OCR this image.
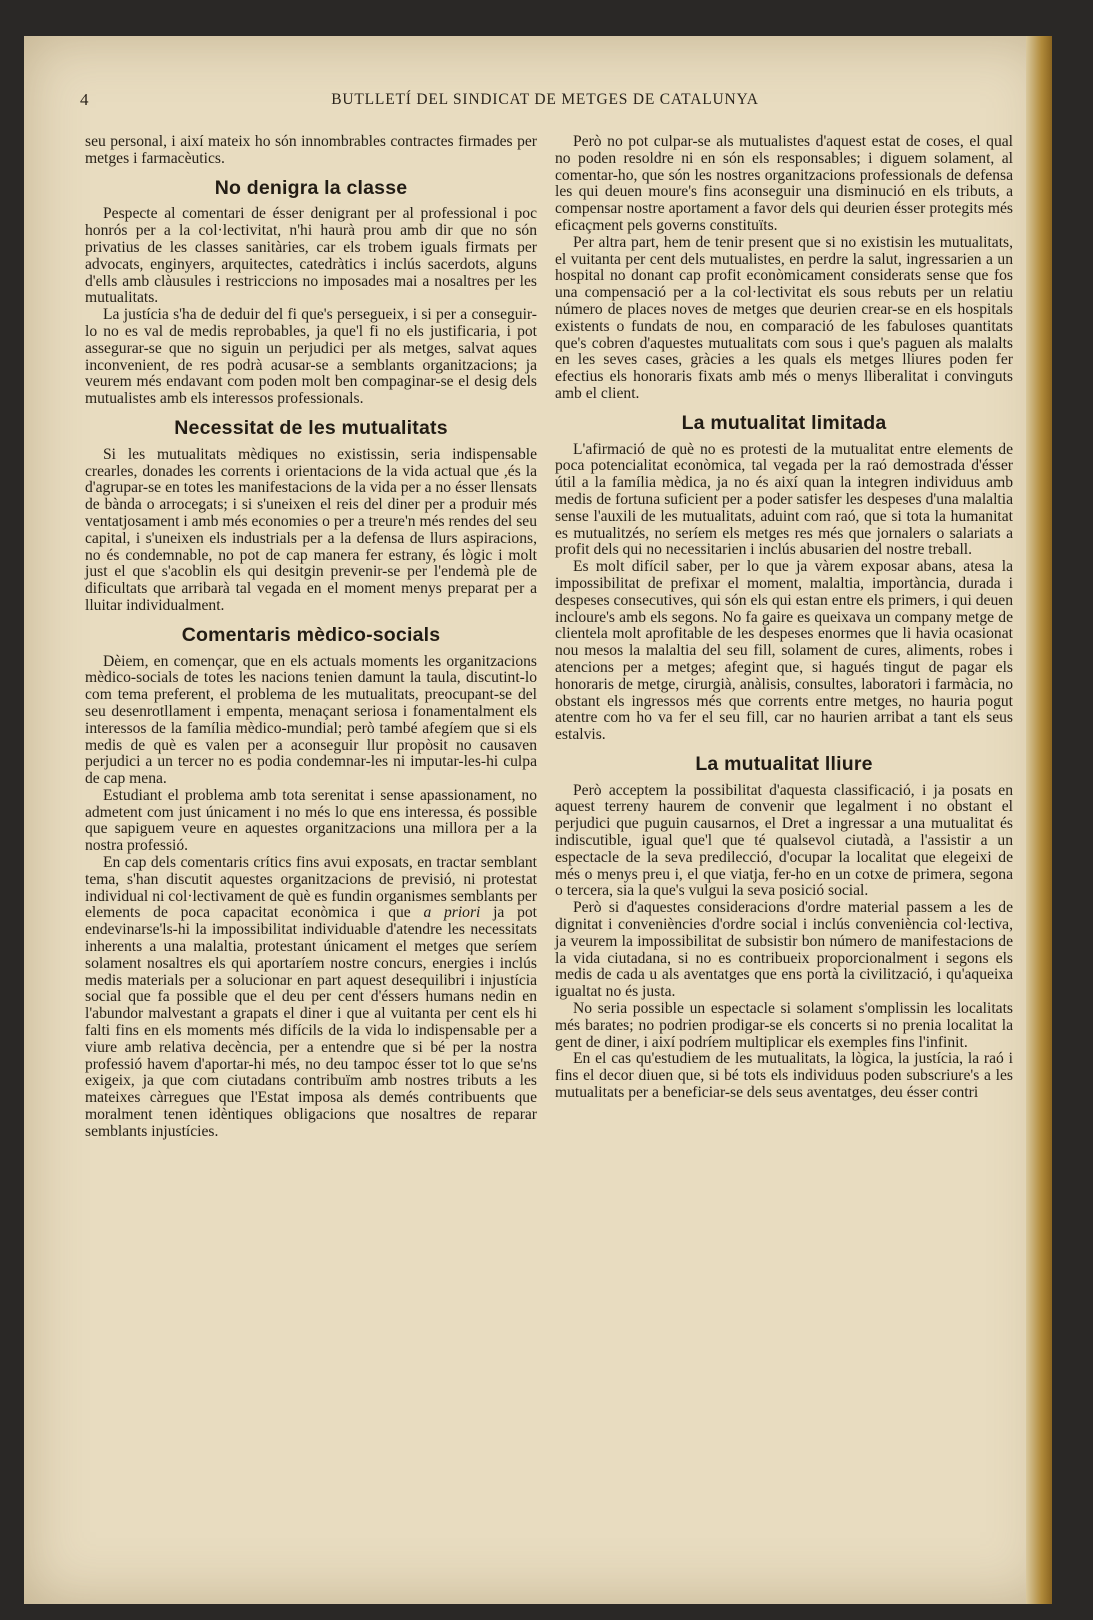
4	BUTLLETÍ DEL SINDICAT DE METGES DE CATALUNYA

seu personal, i així mateix ho són innombrables contractes firmades per metges i farmacèutics.

No denigra la classe

Pespecte al comentari de ésser denigrant per al professional i poc honrós per a la col·lectivitat, n'hi haurà prou amb dir que no són privatius de les classes sanitàries, car els trobem iguals firmats per advocats, enginyers, arquitectes, catedràtics i inclús sacerdots, alguns d'ells amb clàusules i restriccions no imposades mai a nosaltres per les mutualitats.

La justícia s'ha de deduir del fi que's persegueix, i si per a conseguir-lo no es val de medis reprobables, ja que'l fi no els justificaria, i pot assegurar-se que no siguin un perjudici per als metges, salvat aques inconvenient, de res podrà acusar-se a semblants organitzacions; ja veurem més endavant com poden molt ben compaginar-se el desig dels mutualistes amb els interessos professionals.

Necessitat de les mutualitats

Si les mutualitats mèdiques no existissin, seria indispensable crearles, donades les corrents i orientacions de la vida actual que ,és la d'agrupar-se en totes les manifestacions de la vida per a no ésser llensats de bànda o arrocegats; i si s'uneixen el reis del diner per a produir més ventatjosament i amb més economies o per a treure'n més rendes del seu capital, i s'uneixen els industrials per a la defensa de llurs aspiracions, no és condemnable, no pot de cap manera fer estrany, és lògic i molt just el que s'acoblin els qui desitgin prevenir-se per l'endemà ple de dificultats que arribarà tal vegada en el moment menys preparat per a lluitar individualment.

Comentaris mèdico-socials

Dèiem, en començar, que en els actuals moments les organitzacions mèdico-socials de totes les nacions tenien damunt la taula, discutint-lo com tema preferent, el problema de les mutualitats, preocupant-se del seu desenrotllament i empenta, menaçant seriosa i fonamentalment els interessos de la família mèdico-mundial; però també afegíem que si els medis de què es valen per a aconseguir llur propòsit no causaven perjudici a un tercer no es podia condemnar-les ni imputar-les-hi culpa de cap mena.

Estudiant el problema amb tota serenitat i sense apassionament, no admetent com just únicament i no més lo que ens interessa, és possible que sapiguem veure en aquestes organitzacions una millora per a la nostra professió.

En cap dels comentaris crítics fins avui exposats, en tractar semblant tema, s'han discutit aquestes organitzacions de previsió, ni protestat individual ni col·lectivament de què es fundin organismes semblants per elements de poca capacitat econòmica i que a priori ja pot endevinarse'ls-hi la impossibilitat individuable d'atendre les necessitats inherents a una malaltia, protestant únicament el metges que seríem solament nosaltres els qui aportaríem nostre concurs, energies i inclús medis materials per a solucionar en part aquest desequilibri i injustícia social que fa possible que el deu per cent d'éssers humans nedin en l'abundor malvestant a grapats el diner i que al vuitanta per cent els hi falti fins en els moments més difícils de la vida lo indispensable per a viure amb relativa decència, per a entendre que si bé per la nostra professió havem d'aportar-hi més, no deu tampoc ésser tot lo que se'ns exigeix, ja que com ciutadans contribuïm amb nostres tributs a les mateixes càrregues que l'Estat imposa als demés contribuents que moralment tenen idèntiques obligacions que nosaltres de reparar semblants injustícies.

Però no pot culpar-se als mutualistes d'aquest estat de coses, el qual no poden resoldre ni en són els responsables; i diguem solament, al comentar-ho, que són les nostres organitzacions professionals de defensa les qui deuen moure's fins aconseguir una disminució en els tributs, a compensar nostre aportament a favor dels qui deurien ésser protegits més eficaçment pels governs constituïts.

Per altra part, hem de tenir present que si no existisin les mutualitats, el vuitanta per cent dels mutualistes, en perdre la salut, ingressarien a un hospital no donant cap profit econòmicament considerats sense que fos una compensació per a la col·lectivitat els sous rebuts per un relatiu número de places noves de metges que deurien crear-se en els hospitals existents o fundats de nou, en comparació de les fabuloses quantitats que's cobren d'aquestes mutualitats com sous i que's paguen als malalts en les seves cases, gràcies a les quals els metges lliures poden fer efectius els honoraris fixats amb més o menys lliberalitat i convinguts amb el client.

La mutualitat limitada

L'afirmació de què no es protesti de la mutualitat entre elements de poca potencialitat econòmica, tal vegada per la raó demostrada d'ésser útil a la família mèdica, ja no és així quan la integren individuus amb medis de fortuna suficient per a poder satisfer les despeses d'una malaltia sense l'auxili de les mutualitats, aduint com raó, que si tota la humanitat es mutualitzés, no seríem els metges res més que jornalers o salariats a profit dels qui no necessitarien i inclús abusarien del nostre treball.

Es molt difícil saber, per lo que ja vàrem exposar abans, atesa la impossibilitat de prefixar el moment, malaltia, importància, durada i despeses consecutives, qui són els qui estan entre els primers, i qui deuen incloure's amb els segons. No fa gaire es queixava un company metge de clientela molt aprofitable de les despeses enormes que li havia ocasionat nou mesos la malaltia del seu fill, solament de cures, aliments, robes i atencions per a metges; afegint que, si hagués tingut de pagar els honoraris de metge, cirurgià, anàlisis, consultes, laboratori i farmàcia, no obstant els ingressos més que corrents entre metges, no hauria pogut atentre com ho va fer el seu fill, car no haurien arribat a tant els seus estalvis.

La mutualitat lliure

Però acceptem la possibilitat d'aquesta classificació, i ja posats en aquest terreny haurem de convenir que legalment i no obstant el perjudici que puguin causarnos, el Dret a ingressar a una mutualitat és indiscutible, igual que'l que té qualsevol ciutadà, a l'assistir a un espectacle de la seva predilecció, d'ocupar la localitat que elegeixi de més o menys preu i, el que viatja, fer-ho en un cotxe de primera, segona o tercera, sia la que's vulgui la seva posició social.

Però si d'aquestes consideracions d'ordre material passem a les de dignitat i conveniències d'ordre social i inclús conveniència col·lectiva, ja veurem la impossibilitat de subsistir bon número de manifestacions de la vida ciutadana, si no es contribueix proporcionalment i segons els medis de cada u als aventatges que ens portà la civilització, i qu'aqueixa igualtat no és justa.

No seria possible un espectacle si solament s'omplissin les localitats més barates; no podrien prodigar-se els concerts si no prenia localitat la gent de diner, i així podríem multiplicar els exemples fins l'infinit.

En el cas qu'estudiem de les mutualitats, la lògica, la justícia, la raó i fins el decor diuen que, si bé tots els individuus poden subscriure's a les mutualitats per a beneficiar-se dels seus aventatges, deu ésser contri
